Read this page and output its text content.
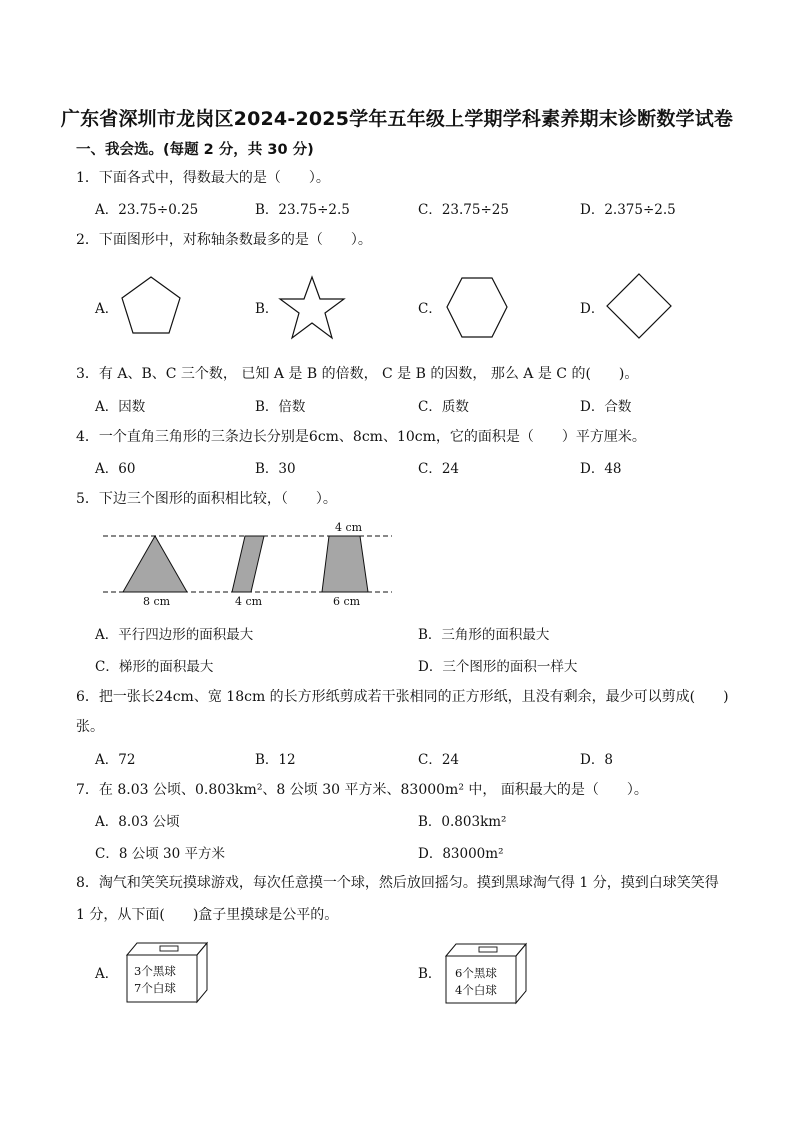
广东省深圳市龙岗区2024-2025学年五年级上学期学科素养期末诊断数学试卷
一、我会选。(每题 2 分，共 30 分)
1．下面各式中，得数最大的是（　　）。
A．23.75÷0.25	B．23.75÷2.5	C．23.75÷25	D．2.375÷2.5
2．下面图形中，对称轴条数最多的是（　　）。
A．	B．	C．	D．
3．有 A、B、C 三个数， 已知 A 是 B 的倍数， C 是 B 的因数， 那么 A 是 C 的(　　)。
A．因数	B．倍数	C．质数	D．合数
4．一个直角三角形的三条边长分别是6cm、8cm、10cm，它的面积是（　　）平方厘米。
A．60	B．30	C．24	D．48
5．下边三个图形的面积相比较，（　　）。
4 cm
8 cm	4 cm	6 cm
A．平行四边形的面积最大	B．三角形的面积最大
C．梯形的面积最大	D．三个图形的面积一样大
6．把一张长24cm、宽 18cm 的长方形纸剪成若干张相同的正方形纸，且没有剩余，最少可以剪成(　　)
张。
A．72	B．12	C．24	D．8
7．在 8.03 公顷、0.803km²、8 公顷 30 平方米、83000m² 中， 面积最大的是（　　）。
A．8.03 公顷	B．0.803km²
C．8 公顷 30 平方米	D．83000m²
8．淘气和笑笑玩摸球游戏，每次任意摸一个球，然后放回摇匀。摸到黑球淘气得 1 分，摸到白球笑笑得
1 分，从下面(　　)盒子里摸球是公平的。
A．	B．
3个黑球
7个白球
6个黑球
4个白球
